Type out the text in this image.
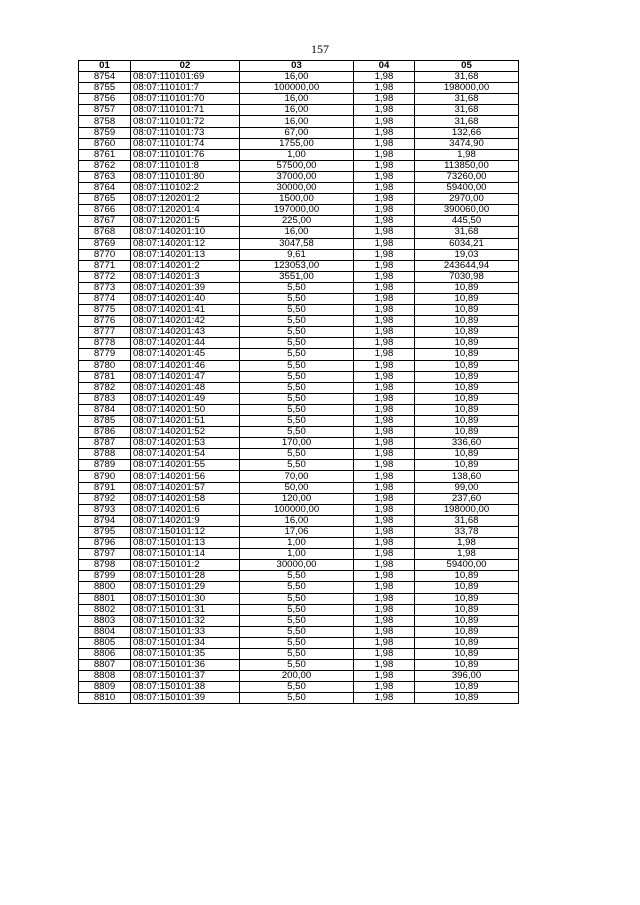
157
01	02	03	04	05
8754	08:07:110101:69	16,00	1,98	31,68
8755	08:07:110101:7	100000,00	1,98	198000,00
8756	08:07:110101:70	16,00	1,98	31,68
8757	08:07:110101:71	16,00	1,98	31,68
8758	08:07:110101:72	16,00	1,98	31,68
8759	08:07:110101:73	67,00	1,98	132,66
8760	08:07:110101:74	1755,00	1,98	3474,90
8761	08:07:110101:76	1,00	1,98	1,98
8762	08:07:110101:8	57500,00	1,98	113850,00
8763	08:07:110101:80	37000,00	1,98	73260,00
8764	08:07:110102:2	30000,00	1,98	59400,00
8765	08:07:120201:2	1500,00	1,98	2970,00
8766	08:07:120201:4	197000,00	1,98	390060,00
8767	08:07:120201:5	225,00	1,98	445,50
8768	08:07:140201:10	16,00	1,98	31,68
8769	08:07:140201:12	3047,58	1,98	6034,21
8770	08:07:140201:13	9,61	1,98	19,03
8771	08:07:140201:2	123053,00	1,98	243644,94
8772	08:07:140201:3	3551,00	1,98	7030,98
8773	08:07:140201:39	5,50	1,98	10,89
8774	08:07:140201:40	5,50	1,98	10,89
8775	08:07:140201:41	5,50	1,98	10,89
8776	08:07:140201:42	5,50	1,98	10,89
8777	08:07:140201:43	5,50	1,98	10,89
8778	08:07:140201:44	5,50	1,98	10,89
8779	08:07:140201:45	5,50	1,98	10,89
8780	08:07:140201:46	5,50	1,98	10,89
8781	08:07:140201:47	5,50	1,98	10,89
8782	08:07:140201:48	5,50	1,98	10,89
8783	08:07:140201:49	5,50	1,98	10,89
8784	08:07:140201:50	5,50	1,98	10,89
8785	08:07:140201:51	5,50	1,98	10,89
8786	08:07:140201:52	5,50	1,98	10,89
8787	08:07:140201:53	170,00	1,98	336,60
8788	08:07:140201:54	5,50	1,98	10,89
8789	08:07:140201:55	5,50	1,98	10,89
8790	08:07:140201:56	70,00	1,98	138,60
8791	08:07:140201:57	50,00	1,98	99,00
8792	08:07:140201:58	120,00	1,98	237,60
8793	08:07:140201:6	100000,00	1,98	198000,00
8794	08:07:140201:9	16,00	1,98	31,68
8795	08:07:150101:12	17,06	1,98	33,78
8796	08:07:150101:13	1,00	1,98	1,98
8797	08:07:150101:14	1,00	1,98	1,98
8798	08:07:150101:2	30000,00	1,98	59400,00
8799	08:07:150101:28	5,50	1,98	10,89
8800	08:07:150101:29	5,50	1,98	10,89
8801	08:07:150101:30	5,50	1,98	10,89
8802	08:07:150101:31	5,50	1,98	10,89
8803	08:07:150101:32	5,50	1,98	10,89
8804	08:07:150101:33	5,50	1,98	10,89
8805	08:07:150101:34	5,50	1,98	10,89
8806	08:07:150101:35	5,50	1,98	10,89
8807	08:07:150101:36	5,50	1,98	10,89
8808	08:07:150101:37	200,00	1,98	396,00
8809	08:07:150101:38	5,50	1,98	10,89
8810	08:07:150101:39	5,50	1,98	10,89
